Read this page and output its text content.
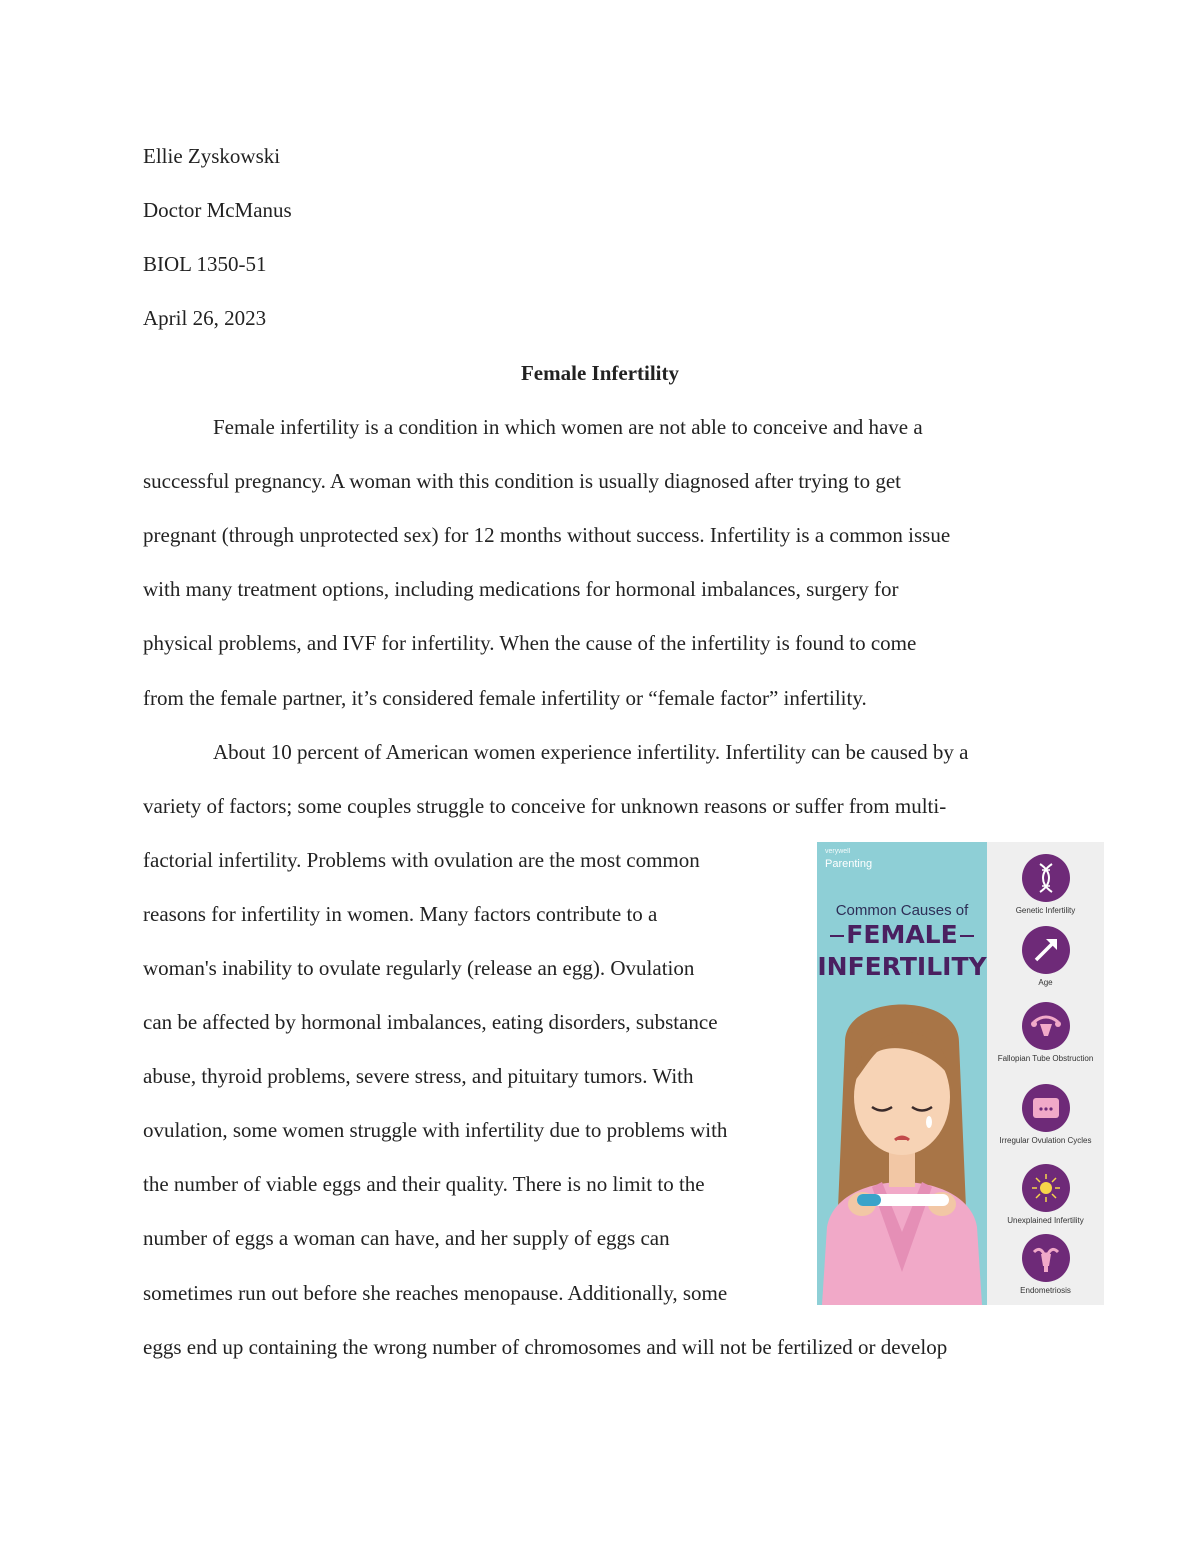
Ellie Zyskowski
Doctor McManus
BIOL 1350-51
April 26, 2023
Female Infertility
Female infertility is a condition in which women are not able to conceive and have a
successful pregnancy. A woman with this condition is usually diagnosed after trying to get
pregnant (through unprotected sex) for 12 months without success. Infertility is a common issue
with many treatment options, including medications for hormonal imbalances, surgery for
physical problems, and IVF for infertility. When the cause of the infertility is found to come
from the female partner, it’s considered female infertility or “female factor” infertility.
About 10 percent of American women experience infertility. Infertility can be caused by a
variety of factors; some couples struggle to conceive for unknown reasons or suffer from multi-
factorial infertility. Problems with ovulation are the most common
reasons for infertility in women. Many factors contribute to a
woman's inability to ovulate regularly (release an egg). Ovulation
can be affected by hormonal imbalances, eating disorders, substance
abuse, thyroid problems, severe stress, and pituitary tumors. With
ovulation, some women struggle with infertility due to problems with
the number of viable eggs and their quality. There is no limit to the
number of eggs a woman can have, and her supply of eggs can
sometimes run out before she reaches menopause. Additionally, some
eggs end up containing the wrong number of chromosomes and will not be fertilized or develop
verywell
Parenting
Common Causes of
FEMALE
INFERTILITY
Genetic Infertility
Age
Fallopian Tube Obstruction
Irregular Ovulation Cycles
Unexplained Infertility
Endometriosis
